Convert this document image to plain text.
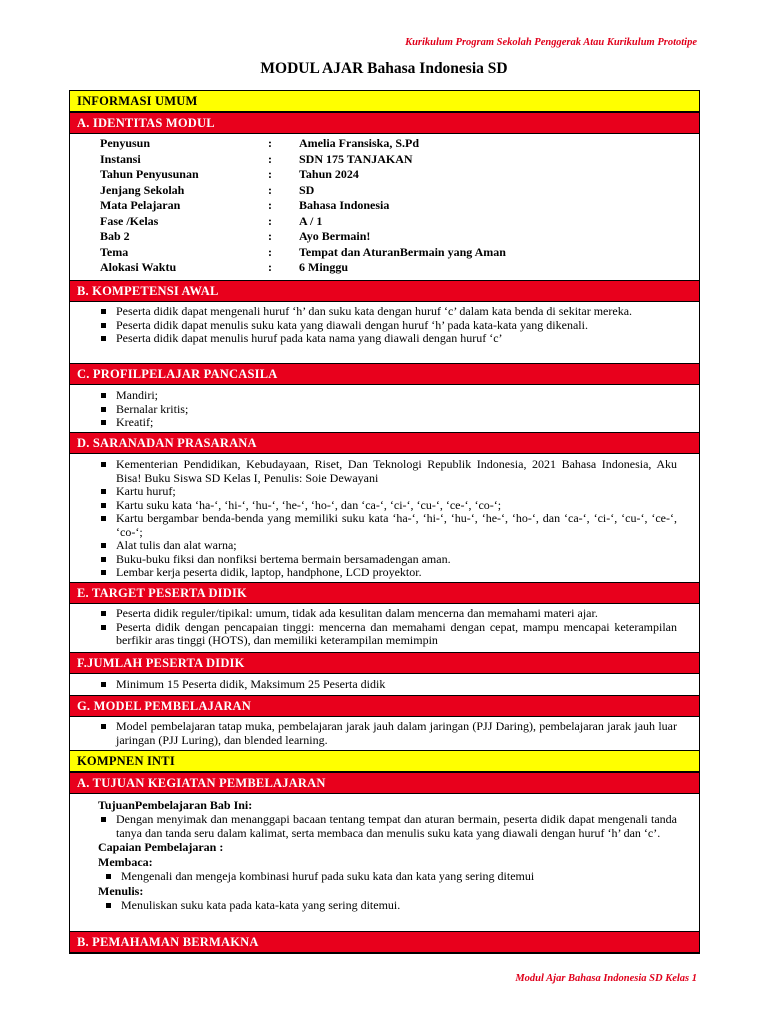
Kurikulum Program Sekolah Penggerak Atau Kurikulum Prototipe
MODUL AJAR Bahasa Indonesia SD
INFORMASI UMUM
A. IDENTITAS MODUL
Penyusun	: Amelia Fransiska, S.Pd
Instansi	: SDN 175 TANJAKAN
Tahun Penyusunan	: Tahun 2024
Jenjang Sekolah	: SD
Mata Pelajaran	: Bahasa Indonesia
Fase /Kelas	: A / 1
Bab 2	: Ayo Bermain!
Tema	: Tempat dan AturanBermain yang Aman
Alokasi Waktu	: 6 Minggu
B. KOMPETENSI AWAL
Peserta didik dapat mengenali huruf ‘h’ dan suku kata dengan huruf ‘c’ dalam kata benda di sekitar mereka.
Peserta didik dapat menulis suku kata yang diawali dengan huruf ‘h’ pada kata-kata yang dikenali.
Peserta didik dapat menulis huruf pada kata nama yang diawali dengan huruf ‘c’
C. PROFILPELAJAR PANCASILA
Mandiri;
Bernalar kritis;
Kreatif;
D. SARANADAN PRASARANA
Kementerian Pendidikan, Kebudayaan, Riset, Dan Teknologi Republik Indonesia, 2021 Bahasa Indonesia, Aku Bisa! Buku Siswa SD Kelas I, Penulis: Soie Dewayani
Kartu huruf;
Kartu suku kata ‘ha-‘, ‘hi-‘, ‘hu-‘, ‘he-‘, ‘ho-‘, dan ‘ca-‘, ‘ci-‘, ‘cu-‘, ‘ce-‘, ‘co-‘;
Kartu bergambar benda-benda yang memiliki suku kata ‘ha-‘, ‘hi-‘, ‘hu-‘, ‘he-‘, ‘ho-‘, dan ‘ca-‘, ‘ci-‘, ‘cu-‘, ‘ce-‘, ‘co-‘;
Alat tulis dan alat warna;
Buku-buku fiksi dan nonfiksi bertema bermain bersamadengan aman.
Lembar kerja peserta didik, laptop, handphone, LCD proyektor.
E. TARGET PESERTA DIDIK
Peserta didik reguler/tipikal: umum, tidak ada kesulitan dalam mencerna dan memahami materi ajar.
Peserta didik dengan pencapaian tinggi: mencerna dan memahami dengan cepat, mampu mencapai keterampilan berfikir aras tinggi (HOTS), dan memiliki keterampilan memimpin
F.JUMLAH PESERTA DIDIK
Minimum 15 Peserta didik, Maksimum 25 Peserta didik
G. MODEL PEMBELAJARAN
Model pembelajaran tatap muka, pembelajaran jarak jauh dalam jaringan (PJJ Daring), pembelajaran jarak jauh luar jaringan (PJJ Luring), dan blended learning.
KOMPNEN INTI
A. TUJUAN KEGIATAN PEMBELAJARAN
TujuanPembelajaran Bab Ini:
Dengan menyimak dan menanggapi bacaan tentang tempat dan aturan bermain, peserta didik dapat mengenali tanda tanya dan tanda seru dalam kalimat, serta membaca dan menulis suku kata yang diawali dengan huruf ‘h’ dan ‘c’.
Capaian Pembelajaran :
Membaca:
Mengenali dan mengeja kombinasi huruf pada suku kata dan kata yang sering ditemui
Menulis:
Menuliskan suku kata pada kata-kata yang sering ditemui.
B. PEMAHAMAN BERMAKNA
Modul Ajar Bahasa Indonesia SD Kelas 1
